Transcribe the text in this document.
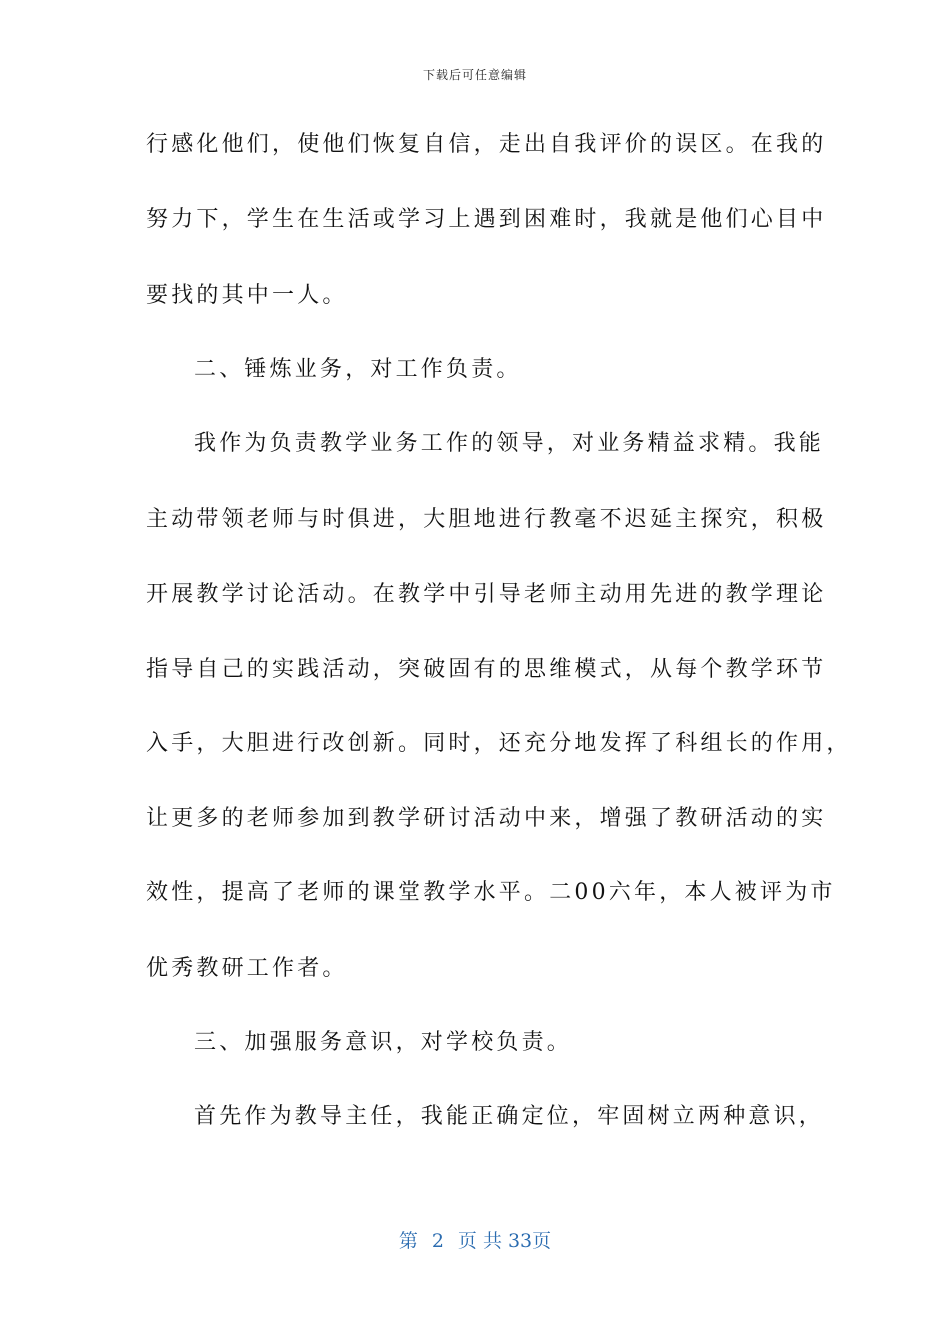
下载后可任意编辑
行感化他们，使他们恢复自信，走出自我评价的误区。在我的
努力下，学生在生活或学习上遇到困难时，我就是他们心目中
要找的其中一人。
二、锤炼业务，对工作负责。
我作为负责教学业务工作的领导，对业务精益求精。我能
主动带领老师与时俱进，大胆地进行教毫不迟延主探究，积极
开展教学讨论活动。在教学中引导老师主动用先进的教学理论
指导自己的实践活动，突破固有的思维模式，从每个教学环节
入手，大胆进行改创新。同时，还充分地发挥了科组长的作用，
让更多的老师参加到教学研讨活动中来，增强了教研活动的实
效性，提高了老师的课堂教学水平。二00六年，本人被评为市
优秀教研工作者。
三、加强服务意识，对学校负责。
首先作为教导主任，我能正确定位，牢固树立两种意识，
第 2 页 共 33页
